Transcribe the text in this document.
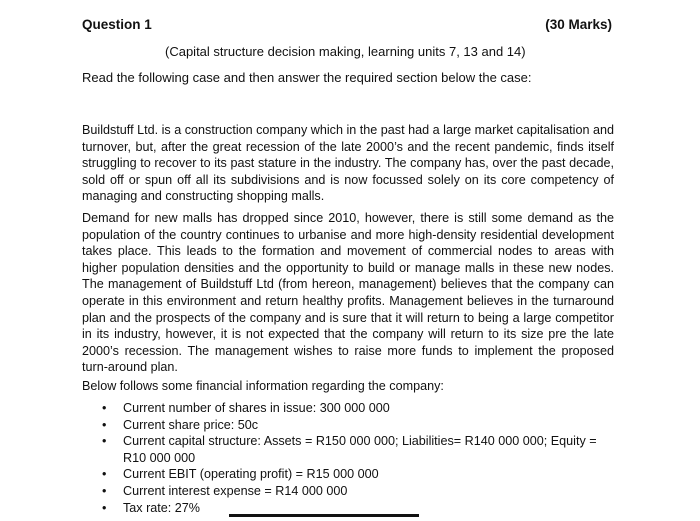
Question 1	(30 Marks)
(Capital structure decision making, learning units 7, 13 and 14)
Read the following case and then answer the required section below the case:
Buildstuff Ltd. is a construction company which in the past had a large market capitalisation and turnover, but, after the great recession of the late 2000’s and the recent pandemic, finds itself struggling to recover to its past stature in the industry. The company has, over the past decade, sold off or spun off all its subdivisions and is now focussed solely on its core competency of managing and constructing shopping malls.
Demand for new malls has dropped since 2010, however, there is still some demand as the population of the country continues to urbanise and more high-density residential development takes place. This leads to the formation and movement of commercial nodes to areas with higher population densities and the opportunity to build or manage malls in these new nodes. The management of Buildstuff Ltd (from hereon, management) believes that the company can operate in this environment and return healthy profits. Management believes in the turnaround plan and the prospects of the company and is sure that it will return to being a large competitor in its industry, however, it is not expected that the company will return to its size pre the late 2000’s recession. The management wishes to raise more funds to implement the proposed turn-around plan.
Below follows some financial information regarding the company:
• Current number of shares in issue: 300 000 000
• Current share price: 50c
• Current capital structure: Assets = R150 000 000; Liabilities= R140 000 000; Equity = R10 000 000
• Current EBIT (operating profit) = R15 000 000
• Current interest expense = R14 000 000
• Tax rate: 27%
